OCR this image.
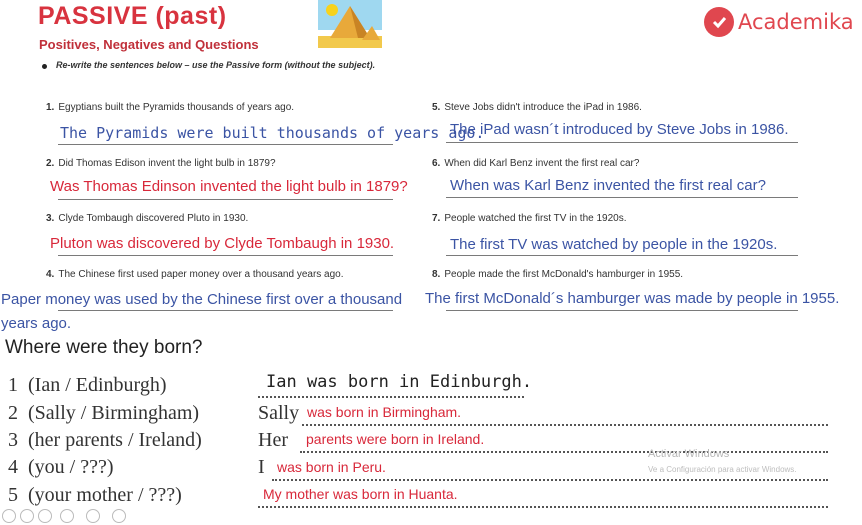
PASSIVE (past)
Positives, Negatives and Questions
Academika
Re-write the sentences below – use the Passive form (without the subject).
1. Egyptians built the Pyramids thousands of years ago.
The Pyramids were built thousands of years ago.
2. Did Thomas Edison invent the light bulb in 1879?
Was Thomas Edinson invented the light bulb in 1879?
3. Clyde Tombaugh discovered Pluto in 1930.
Pluton was discovered by Clyde Tombaugh in 1930.
4. The Chinese first used paper money over a thousand years ago.
Paper money was used by the Chinese first over a thousand
years ago.
5. Steve Jobs didn't introduce the iPad in 1986.
The iPad wasn´t introduced by Steve Jobs in 1986.
6. When did Karl Benz invent the first real car?
When was Karl Benz invented the first real car?
7. People watched the first TV in the 1920s.
The first TV was watched by people in the 1920s.
8. People made the first McDonald's hamburger in 1955.
The first McDonald´s hamburger was made by people in 1955.
Where were they born?
1 (Ian / Edinburgh)	Ian was born in Edinburgh.
2 (Sally / Birmingham)	Sally was born in Birmingham.
3 (her parents / Ireland)	Her parents were born in Ireland.
4 (you / ???)	I was born in Peru.
5 (your mother / ???)	My mother was born in Huanta.
Activar Windows
Ve a Configuración para activar Windows.
